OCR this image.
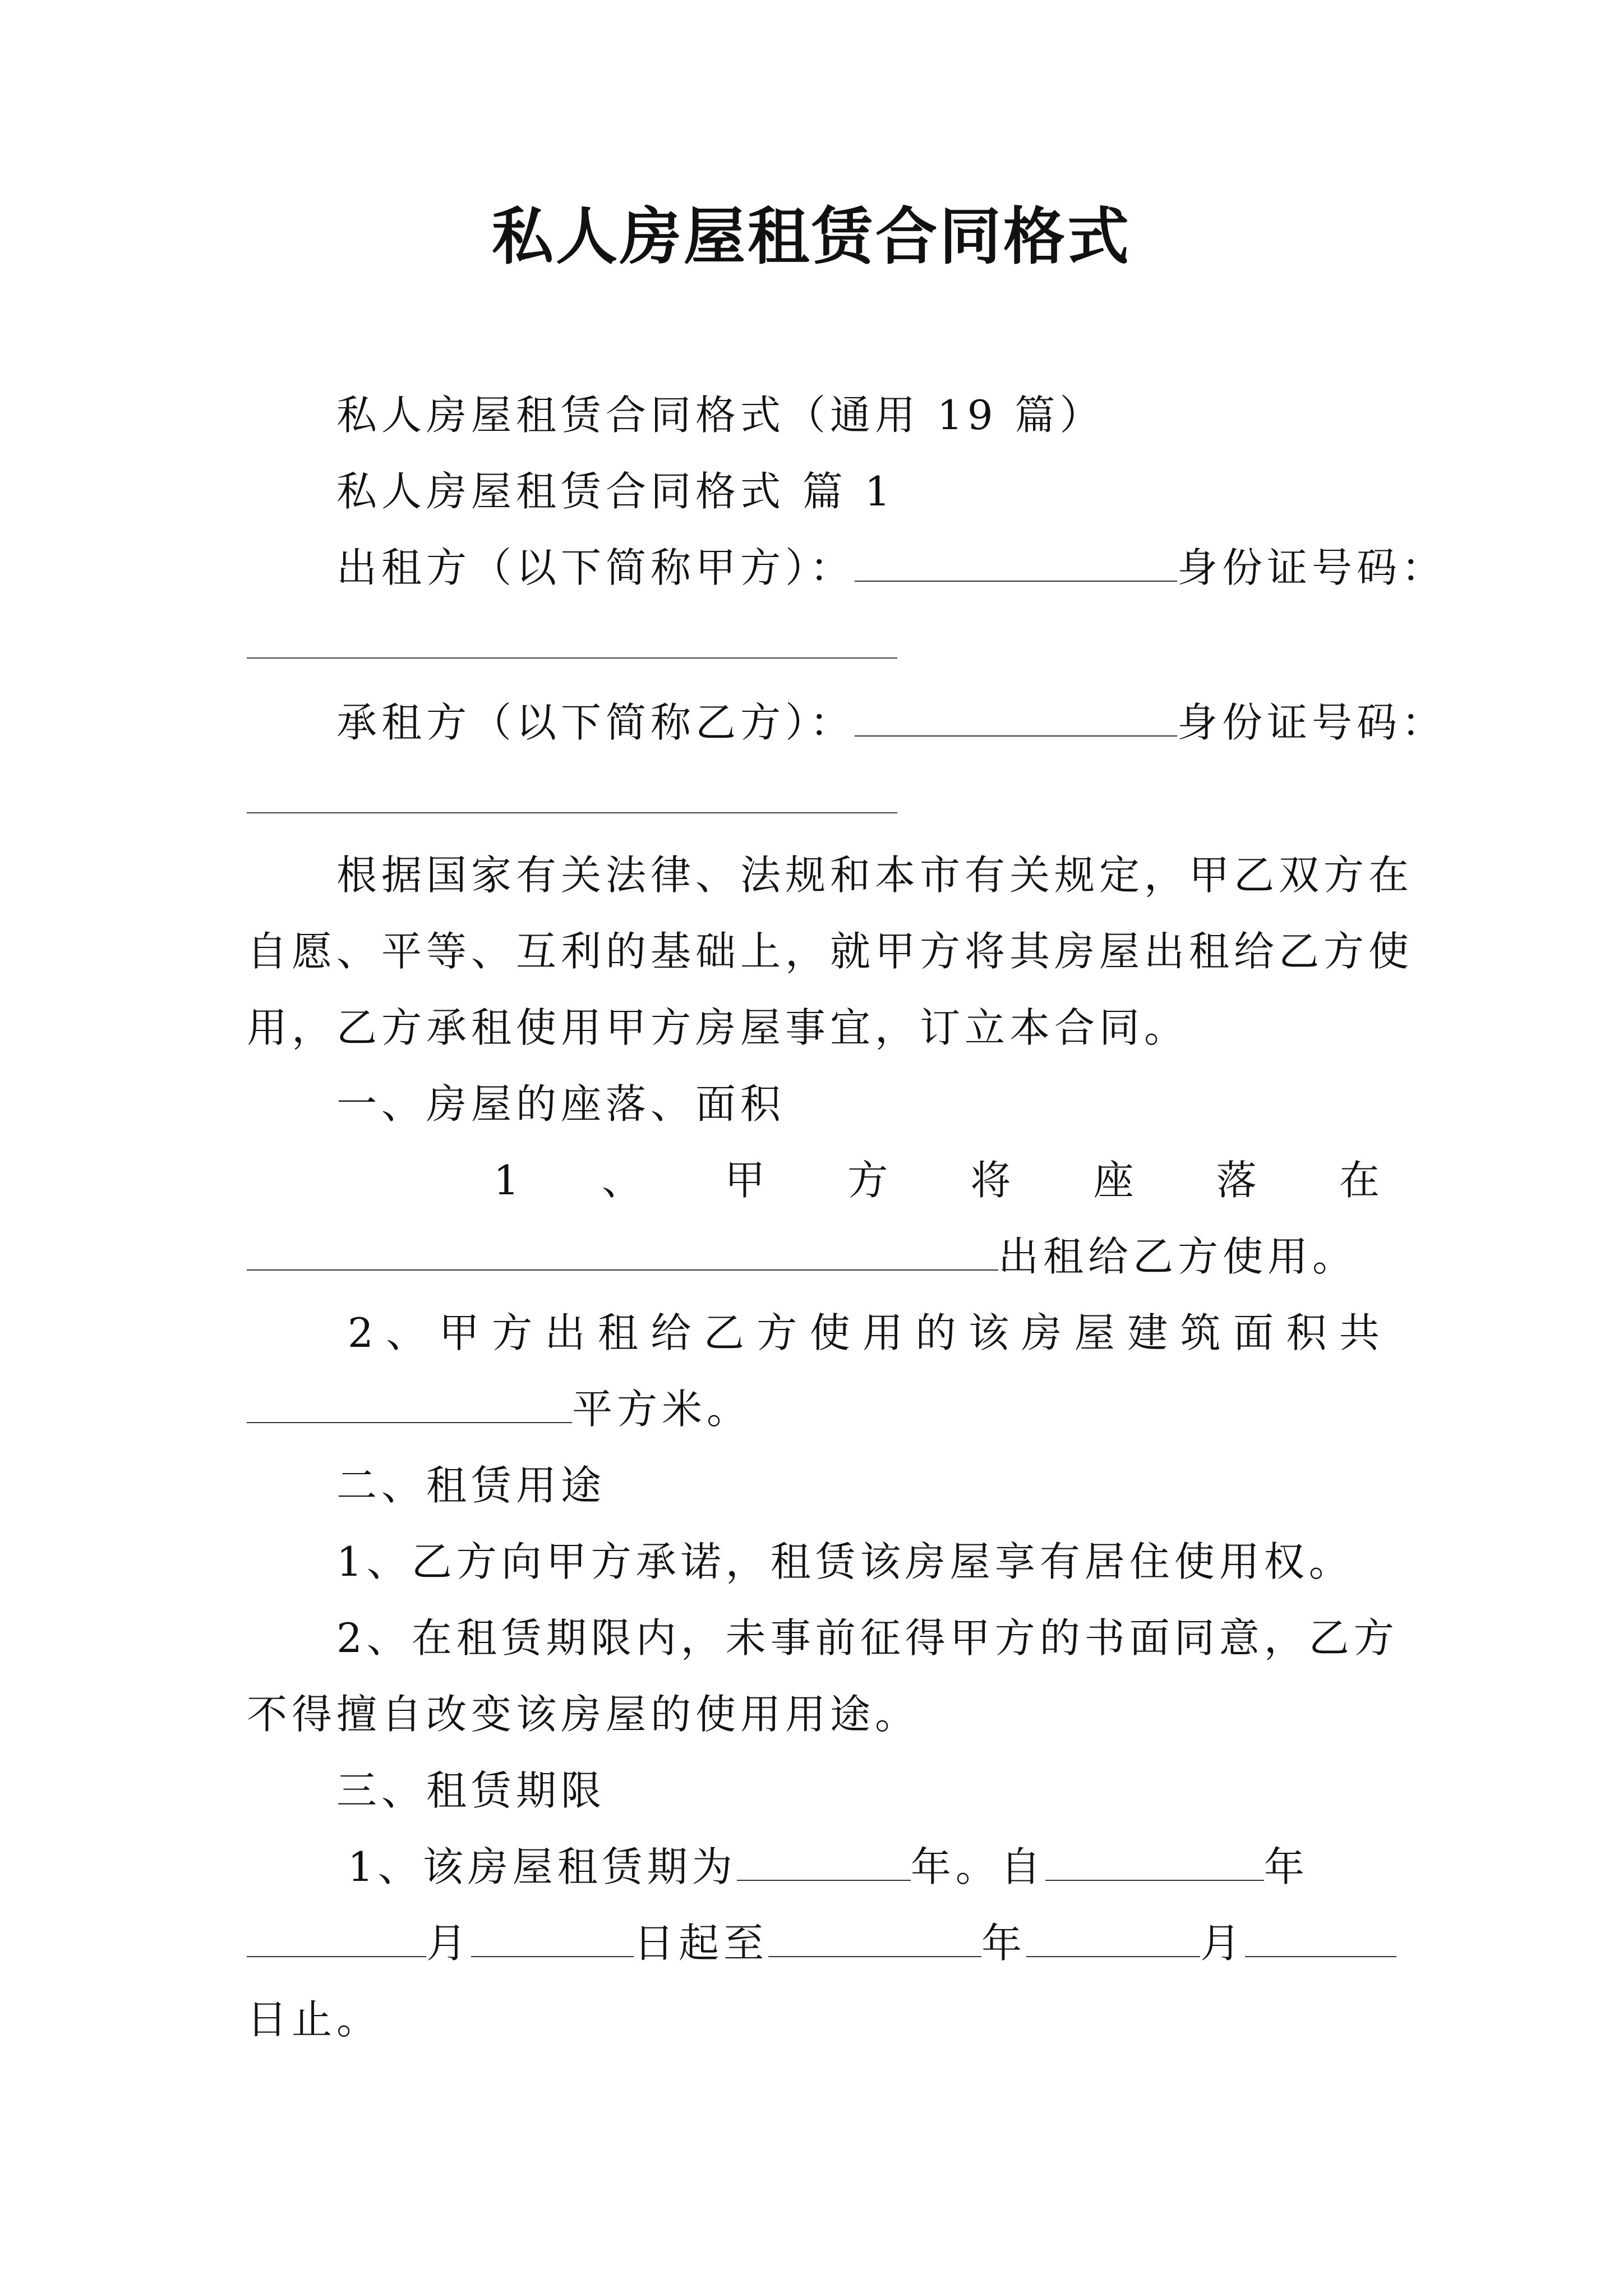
私人房屋租赁合同格式
私人房屋租赁合同格式（通用 19 篇）
私人房屋租赁合同格式 篇 1
出租方（以下简称甲方）：	身份证号码：
承租方（以下简称乙方）：	身份证号码：
根据国家有关法律、法规和本市有关规定，甲乙双方在
自愿、平等、互利的基础上，就甲方将其房屋出租给乙方使
用，乙方承租使用甲方房屋事宜，订立本合同。
一、房屋的座落、面积
1 、 甲 方 将 座 落 在
出租给乙方使用。
2 、 甲 方 出 租 给 乙 方 使 用 的 该 房 屋 建 筑 面 积 共
平方米。
二、租赁用途
1、乙方向甲方承诺，租赁该房屋享有居住使用权。
2、在租赁期限内，未事前征得甲方的书面同意，乙方
不得擅自改变该房屋的使用用途。
三、租赁期限
1、该房屋租赁期为	年。自	年
月	日起至	年	月
日止。
